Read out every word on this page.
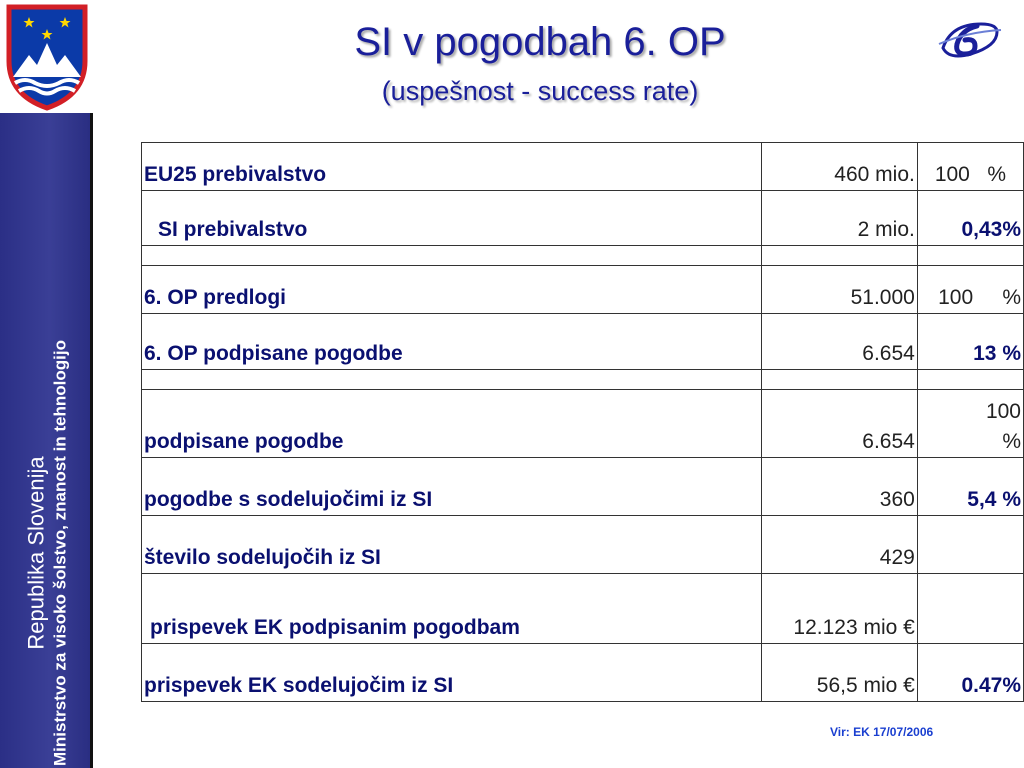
SI v pogodbah 6. OP
(uspešnost - success rate)
Republika Slovenija Ministrstvo za visoko šolstvo, znanost in tehnologijo
EU25 prebivalstvo	460 mio.	100   %
SI prebivalstvo	2 mio.	0,43%

6. OP predlogi	51.000	100     %
6. OP podpisane pogodbe	6.654	13 %

podpisane pogodbe	6.654	100 %
pogodbe s sodelujočimi iz SI	360	5,4 %
število sodelujočih iz SI	429	
prispevek EK podpisanim pogodbam	12.123 mio €	
prispevek EK sodelujočim iz SI	56,5 mio €	0.47%
Vir: EK 17/07/2006
